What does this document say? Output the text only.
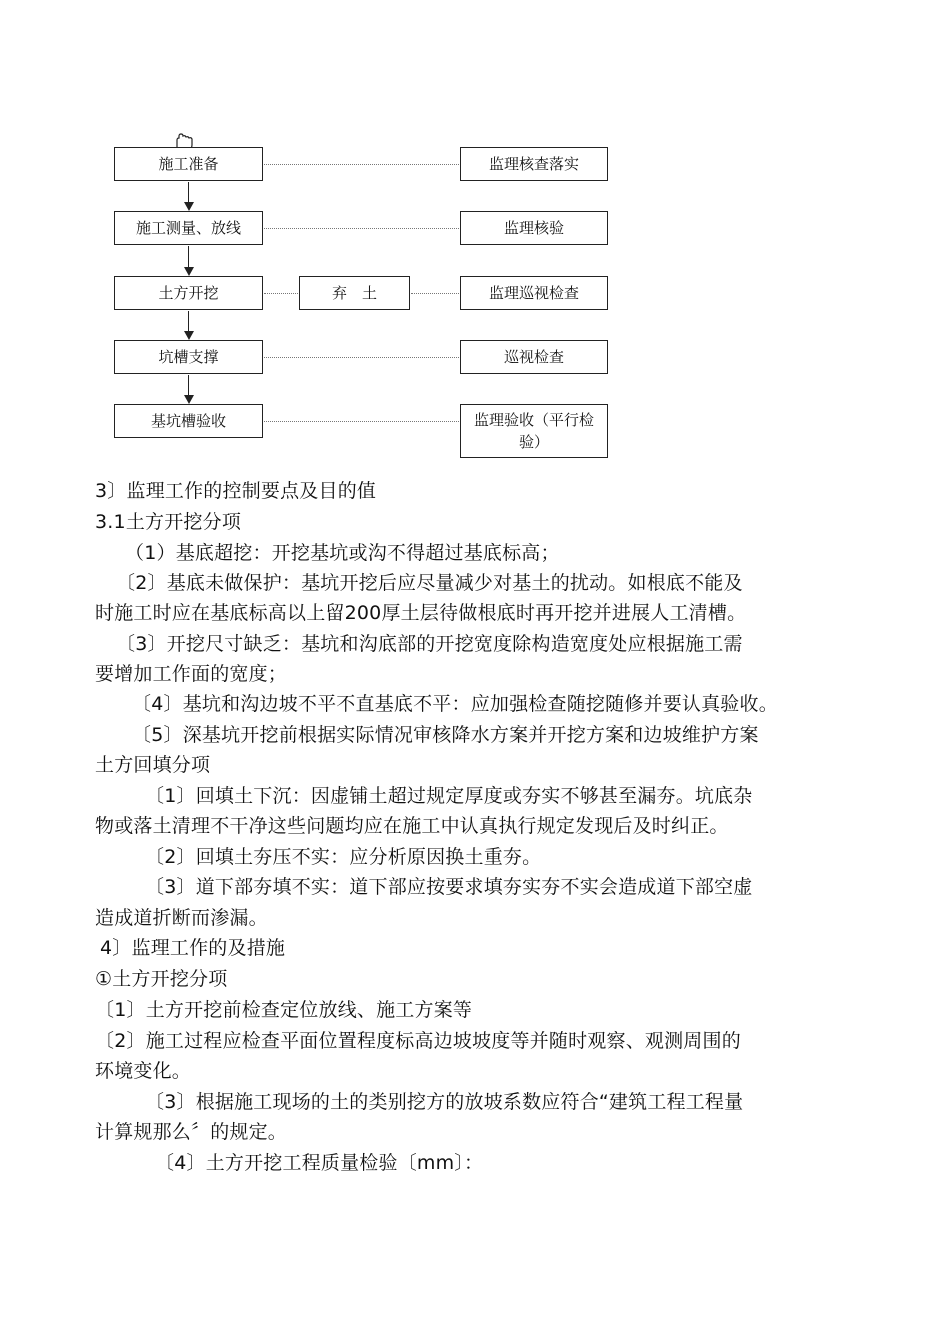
施工准备
施工测量、放线
土方开挖
坑槽支撑
基坑槽验收
弃　土
监理核查落实
监理核验
监理巡视检查
巡视检查
监理验收（平行检验）
3〕监理工作的控制要点及目的值
3.1土方开挖分项
（1）基底超挖：开挖基坑或沟不得超过基底标高；
〔2〕基底未做保护：基坑开挖后应尽量减少对基土的扰动。如根底不能及
时施工时应在基底标高以上留200厚土层待做根底时再开挖并进展人工清槽。
〔3〕开挖尺寸缺乏：基坑和沟底部的开挖宽度除构造宽度处应根据施工需
要增加工作面的宽度；
〔4〕基坑和沟边坡不平不直基底不平：应加强检查随挖随修并要认真验收。
〔5〕深基坑开挖前根据实际情况审核降水方案并开挖方案和边坡维护方案
土方回填分项
〔1〕回填土下沉：因虚铺土超过规定厚度或夯实不够甚至漏夯。坑底杂
物或落土清理不干净这些问题均应在施工中认真执行规定发现后及时纠正。
〔2〕回填土夯压不实：应分析原因换土重夯。
〔3〕道下部夯填不实：道下部应按要求填夯实夯不实会造成道下部空虚
造成道折断而渗漏。
4〕监理工作的及措施
①土方开挖分项
〔1〕土方开挖前检查定位放线、施工方案等
〔2〕施工过程应检查平面位置程度标高边坡坡度等并随时观察、观测周围的
环境变化。
〔3〕根据施工现场的土的类别挖方的放坡系数应符合“建筑工程工程量
计算规那么〞的规定。
〔4〕土方开挖工程质量检验〔mm〕：
